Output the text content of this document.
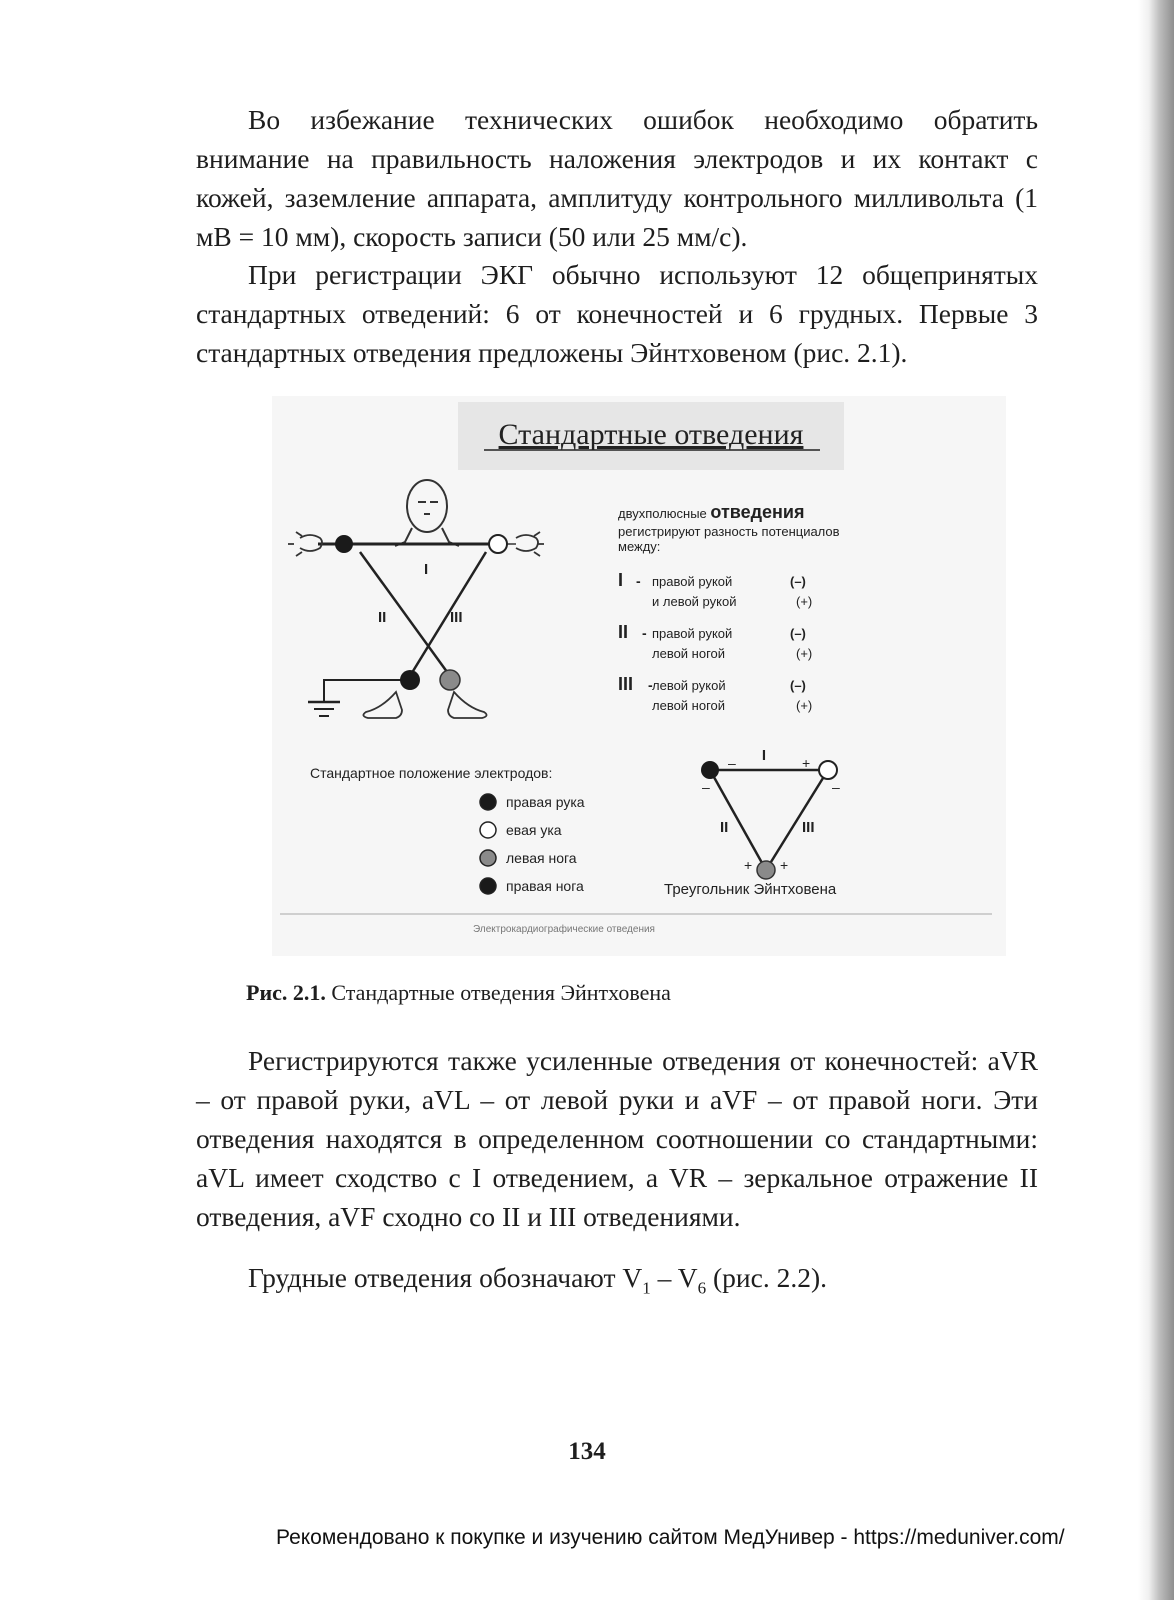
Во избежание технических ошибок необходимо обратить внимание на правильность наложения электродов и их контакт с кожей, заземление аппарата, амплитуду контрольного милливольта (1 мВ = 10 мм), скорость записи (50 или 25 мм/с).

При регистрации ЭКГ обычно используют 12 общепринятых стандартных отведений: 6 от конечностей и 6 грудных. Первые 3 стандартных отведения предложены Эйнтховеном (рис. 2.1).

Стандартные отведения
I
II	III
двухполюсные отведения
регистрируют разность потенциалов
между:
I - правой рукой
и левой рукой
(–)
(+)
II - правой рукой
левой ногой
(–)
(+)
III - левой рукой
левой ногой
(–)
(+)
Стандартное положение электродов:
правая рука
евая ука
левая нога
правая нога
I
II	III
–	+
–	–
+ +
Треугольник Эйнтховена
Электрокардиографические отведения

Рис. 2.1. Стандартные отведения Эйнтховена

Регистрируются также усиленные отведения от конечностей: aVR – от правой руки, aVL – от левой руки и aVF – от правой ноги. Эти отведения находятся в определенном соотношении со стандартными: aVL имеет сходство с I отведением, a VR – зеркальное отражение II отведения, aVF сходно со II и III отведениями.

Грудные отведения обозначают $V_1 - V_6$ (рис. 2.2).

134

Рекомендовано к покупке и изучению сайтом МедУнивер - https://meduniver.com/
